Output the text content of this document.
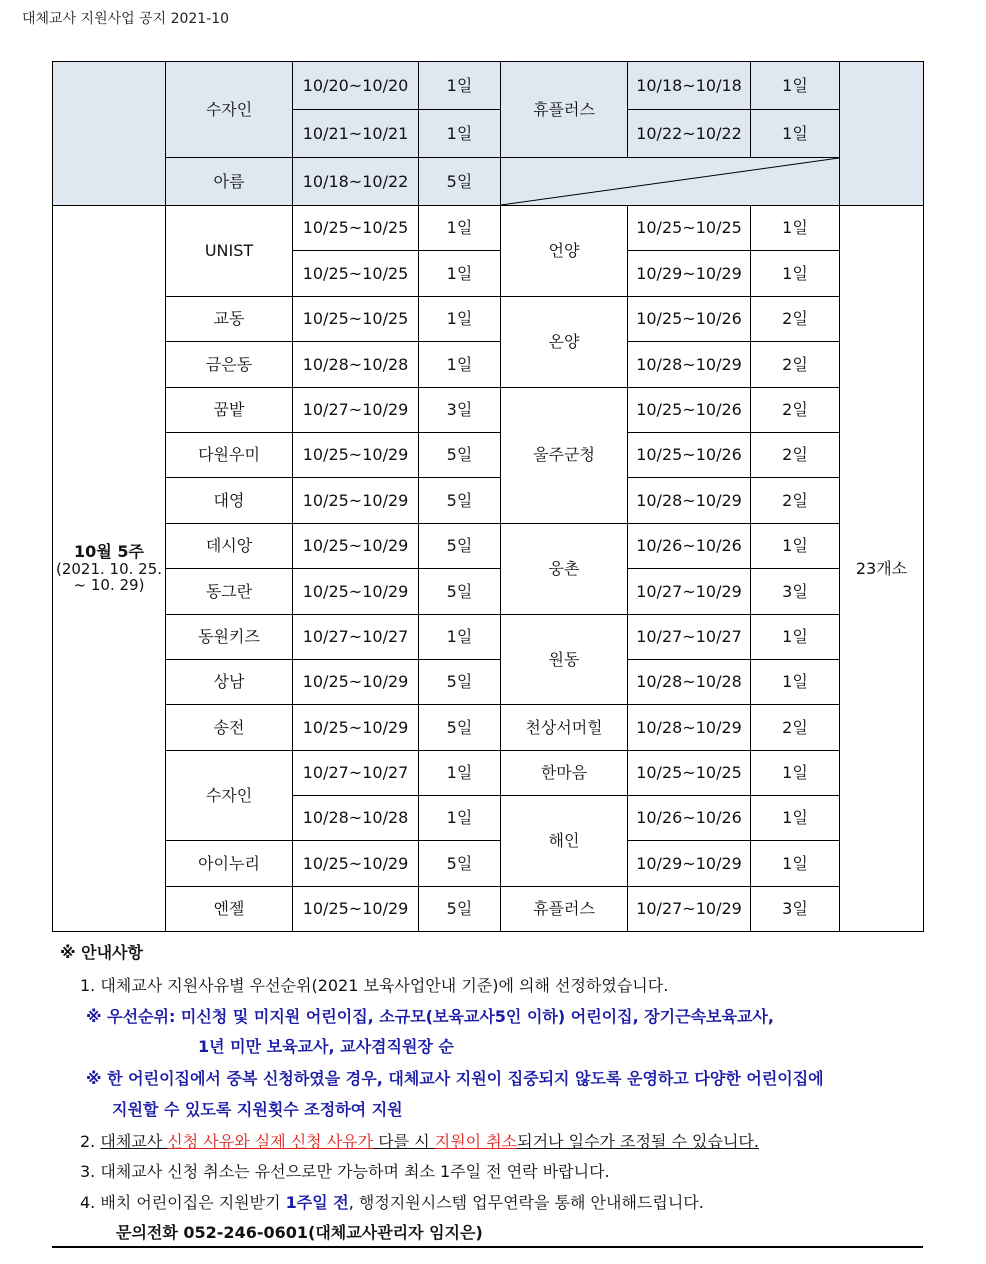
대체교사 지원사업 공지 2021-10
	수자인	10/20~10/20	1일	휴플러스	10/18~10/18	1일	
		10/21~10/21	1일		10/22~10/22	1일	
	아름	10/18~10/22	5일	

10월 5주
(2021. 10. 25.
~ 10. 29)	UNIST	10/25~10/25	1일	언양	10/25~10/25	1일	23개소
		10/25~10/25	1일		10/29~10/29	1일	
	교동	10/25~10/25	1일	온양	10/25~10/26	2일	
	금은동	10/28~10/28	1일		10/28~10/29	2일	
	꿈밭	10/27~10/29	3일	울주군청	10/25~10/26	2일	
	다원우미	10/25~10/29	5일		10/25~10/26	2일	
	대영	10/25~10/29	5일		10/28~10/29	2일	
	데시앙	10/25~10/29	5일	웅촌	10/26~10/26	1일	
	동그란	10/25~10/29	5일		10/27~10/29	3일	
	동원키즈	10/27~10/27	1일	원동	10/27~10/27	1일	
	상남	10/25~10/29	5일		10/28~10/28	1일	
	송전	10/25~10/29	5일	천상서머힐	10/28~10/29	2일	
	수자인	10/27~10/27	1일	한마음	10/25~10/25	1일	
		10/28~10/28	1일	해인	10/26~10/26	1일	
	아이누리	10/25~10/29	5일		10/29~10/29	1일	
	엔젤	10/25~10/29	5일	휴플러스	10/27~10/29	3일	
※ 안내사항
1. 대체교사 지원사유별 우선순위(2021 보육사업안내 기준)에 의해 선정하였습니다.
※ 우선순위: 미신청 및 미지원 어린이집, 소규모(보육교사5인 이하) 어린이집, 장기근속보육교사,
1년 미만 보육교사, 교사겸직원장 순
※ 한 어린이집에서 중복 신청하였을 경우, 대체교사 지원이 집중되지 않도록 운영하고 다양한 어린이집에
지원할 수 있도록 지원횟수 조정하여 지원
2. 대체교사 신청 사유와 실제 신청 사유가 다를 시 지원이 취소되거나 일수가 조정될 수 있습니다.
3. 대체교사 신청 취소는 유선으로만 가능하며 최소 1주일 전 연락 바랍니다.
4. 배치 어린이집은 지원받기 1주일 전, 행정지원시스템 업무연락을 통해 안내해드립니다.
문의전화 052-246-0601(대체교사관리자 임지은)
